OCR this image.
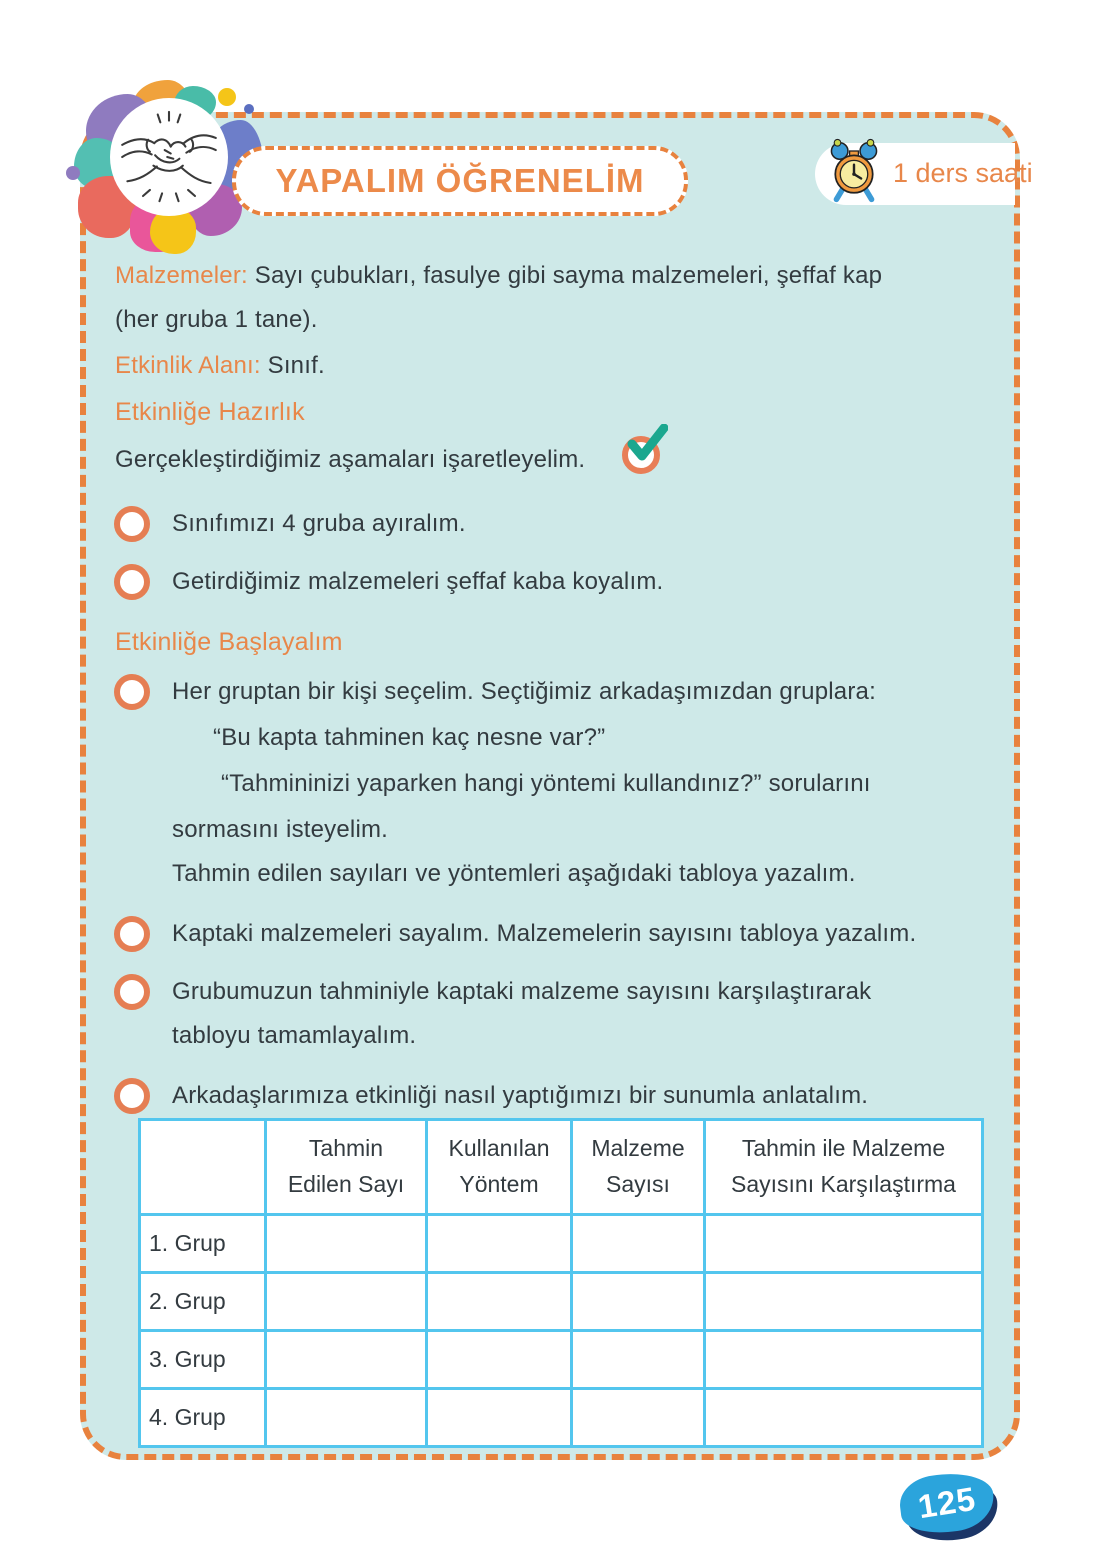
YAPALIM ÖĞRENELİM	1 ders saati
Malzemeler: Sayı çubukları, fasulye gibi sayma malzemeleri, şeffaf kap
(her gruba 1 tane).
Etkinlik Alanı: Sınıf.
Etkinliğe Hazırlık
Gerçekleştirdiğimiz aşamaları işaretleyelim.
Sınıfımızı 4 gruba ayıralım.
Getirdiğimiz malzemeleri şeffaf kaba koyalım.
Etkinliğe Başlayalım
Her gruptan bir kişi seçelim. Seçtiğimiz arkadaşımızdan gruplara:
“Bu kapta tahminen kaç nesne var?”
“Tahmininizi yaparken hangi yöntemi kullandınız?” sorularını
sormasını isteyelim.
Tahmin edilen sayıları ve yöntemleri aşağıdaki tabloya yazalım.
Kaptaki malzemeleri sayalım. Malzemelerin sayısını tabloya yazalım.
Grubumuzun tahminiyle kaptaki malzeme sayısını karşılaştırarak
tabloyu tamamlayalım.
Arkadaşlarımıza etkinliği nasıl yaptığımızı bir sunumla anlatalım.
	Tahmin Edilen Sayı	Kullanılan Yöntem	Malzeme Sayısı	Tahmin ile Malzeme Sayısını Karşılaştırma
1. Grup				
2. Grup				
3. Grup				
4. Grup				
125
